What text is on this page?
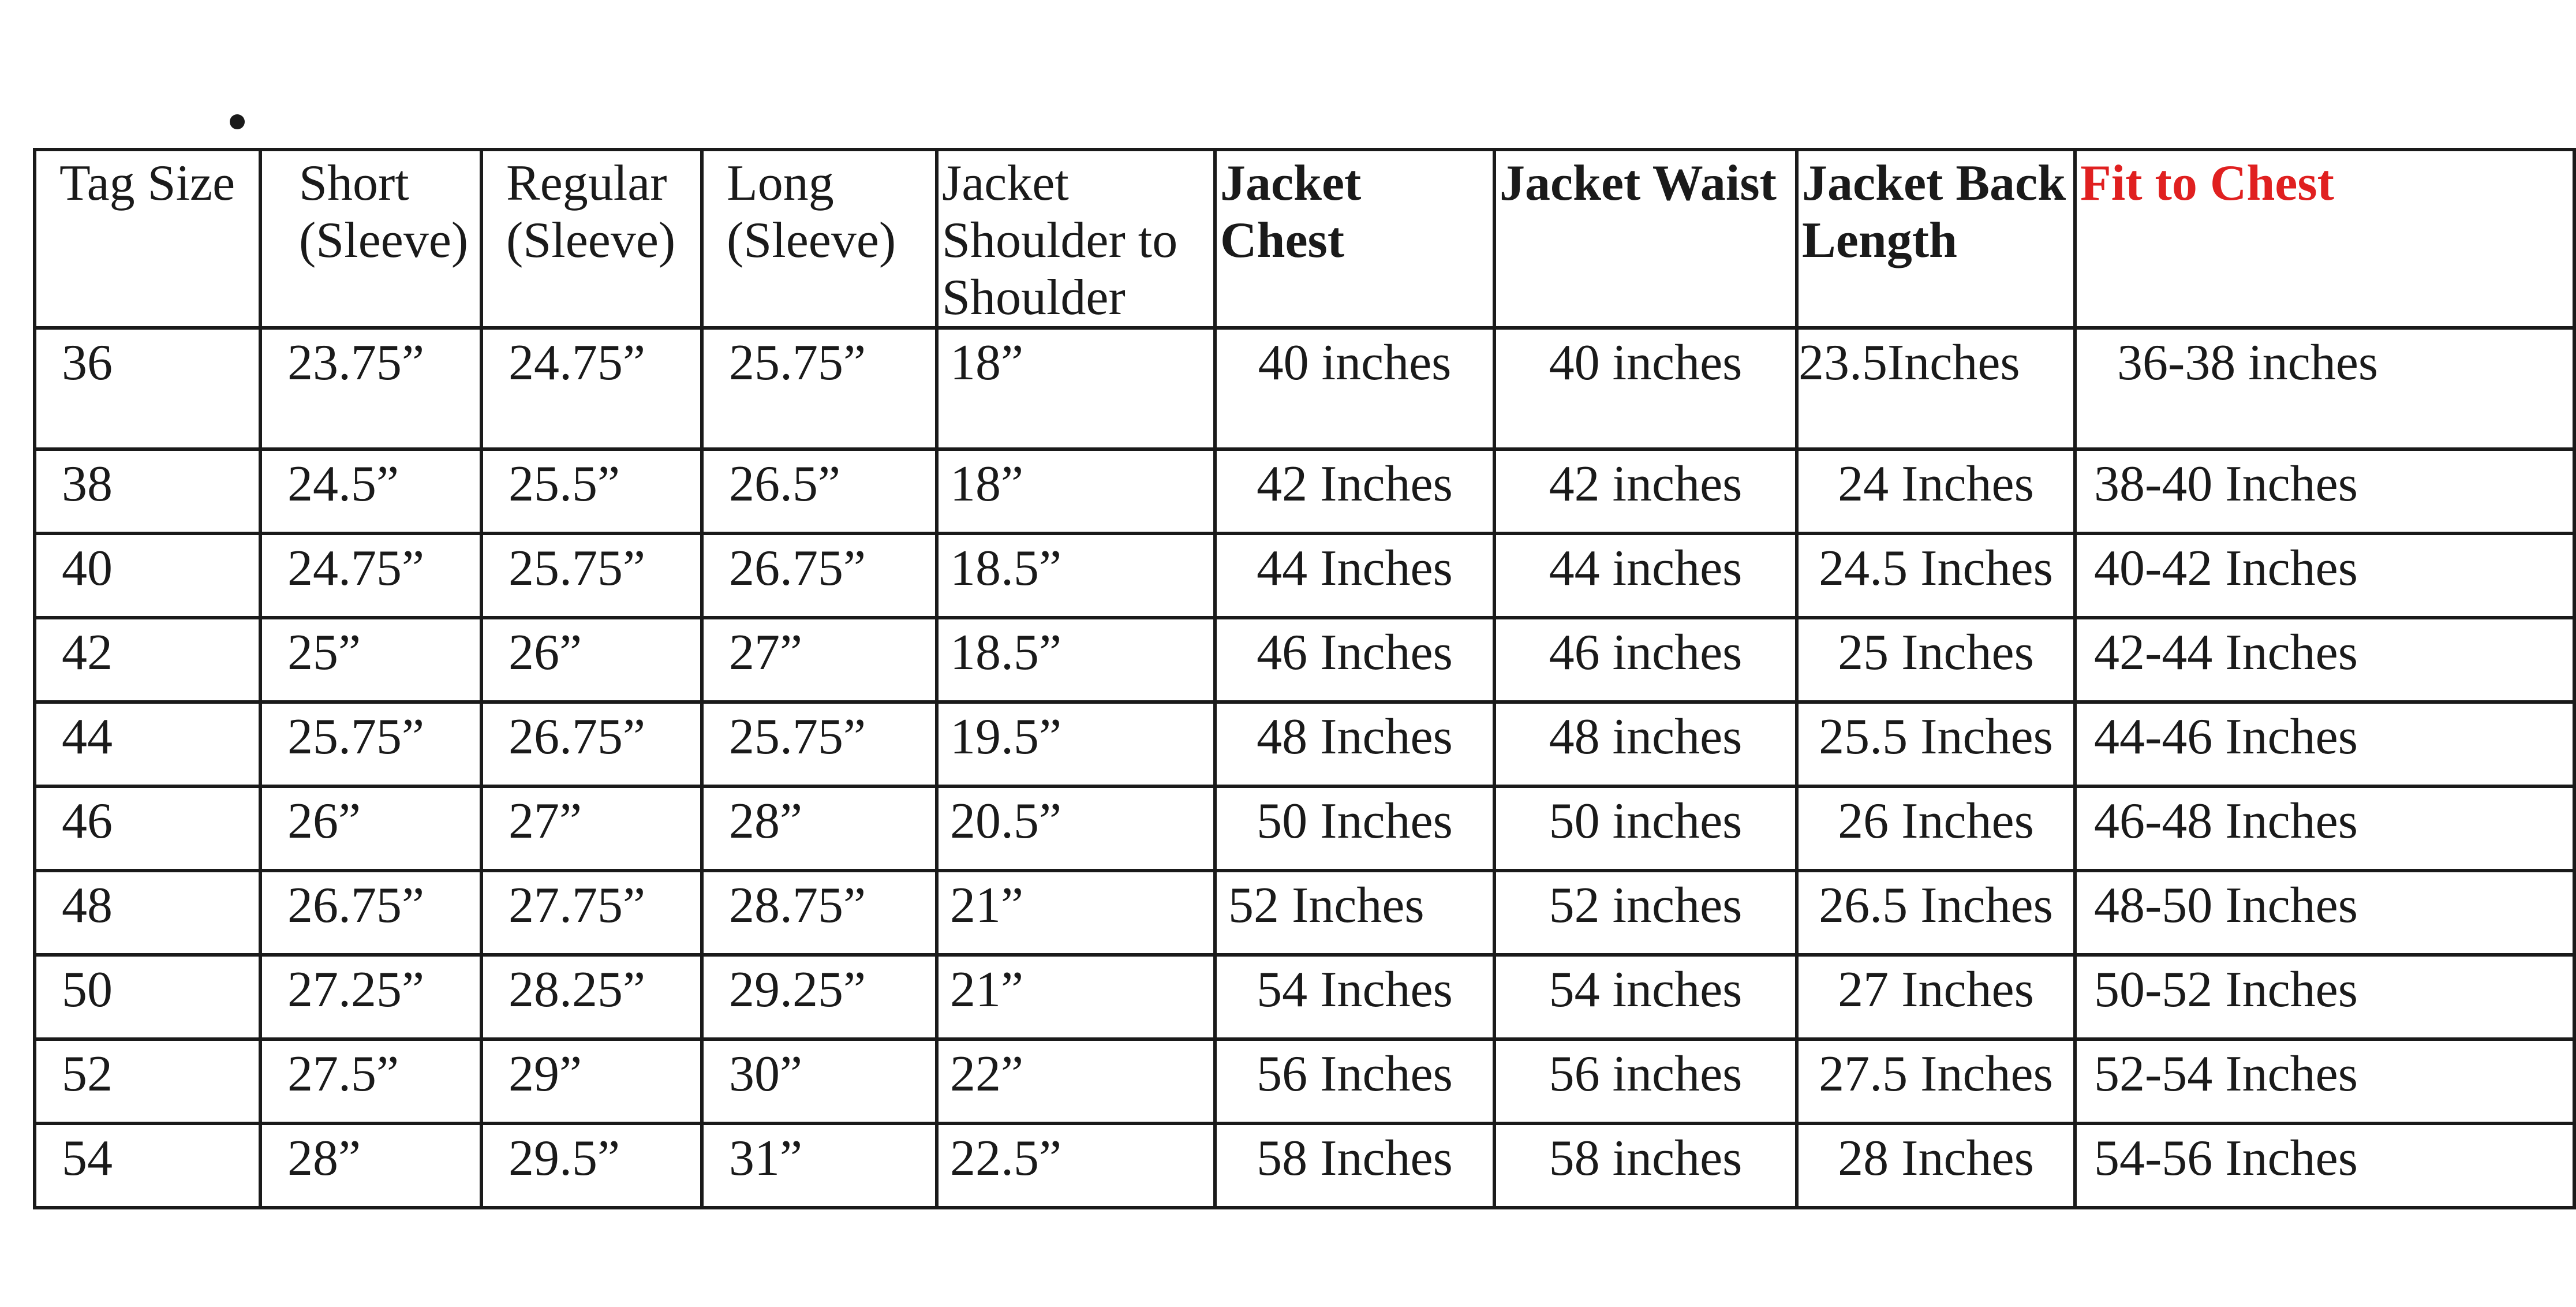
Tag Size	Short (Sleeve)	Regular (Sleeve)	Long (Sleeve)	Jacket Shoulder to Shoulder	Jacket Chest	Jacket Waist	Jacket Back Length	Fit to Chest
36	23.75”	24.75”	25.75”	18”	40 inches	40 inches	23.5Inches	36-38 inches
38	24.5”	25.5”	26.5”	18”	42 Inches	42 inches	24 Inches	38-40 Inches
40	24.75”	25.75”	26.75”	18.5”	44 Inches	44 inches	24.5 Inches	40-42 Inches
42	25”	26”	27”	18.5”	46 Inches	46 inches	25 Inches	42-44 Inches
44	25.75”	26.75”	25.75”	19.5”	48 Inches	48 inches	25.5 Inches	44-46 Inches
46	26”	27”	28”	20.5”	50 Inches	50 inches	26 Inches	46-48 Inches
48	26.75”	27.75”	28.75”	21”	52 Inches	52 inches	26.5 Inches	48-50 Inches
50	27.25”	28.25”	29.25”	21”	54 Inches	54 inches	27 Inches	50-52 Inches
52	27.5”	29”	30”	22”	56 Inches	56 inches	27.5 Inches	52-54 Inches
54	28”	29.5”	31”	22.5”	58 Inches	58 inches	28 Inches	54-56 Inches
